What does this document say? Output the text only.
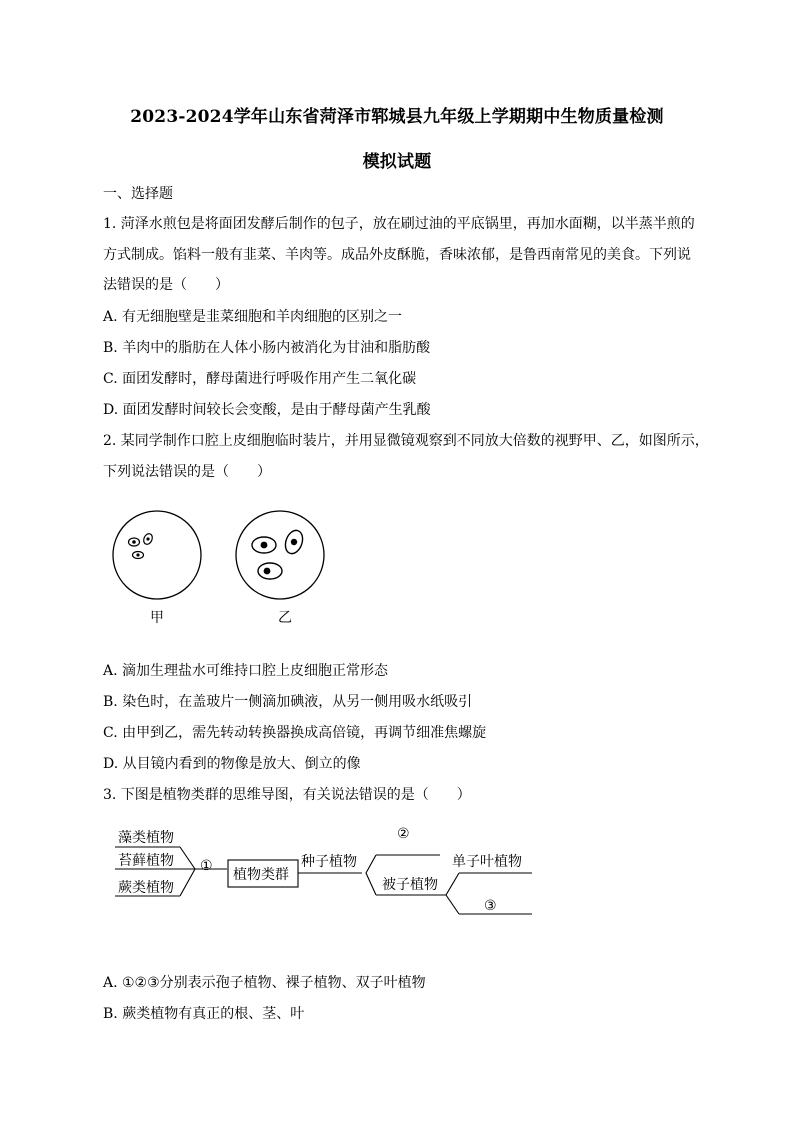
2023-2024学年山东省菏泽市郓城县九年级上学期期中生物质量检测
模拟试题
一、选择题
1. 菏泽水煎包是将面团发酵后制作的包子，放在刷过油的平底锅里，再加水面糊，以半蒸半煎的
方式制成。馅料一般有韭菜、羊肉等。成品外皮酥脆，香味浓郁，是鲁西南常见的美食。下列说
法错误的是（　　）
A. 有无细胞壁是韭菜细胞和羊肉细胞的区别之一
B. 羊肉中的脂肪在人体小肠内被消化为甘油和脂肪酸
C. 面团发酵时，酵母菌进行呼吸作用产生二氧化碳
D. 面团发酵时间较长会变酸，是由于酵母菌产生乳酸
2. 某同学制作口腔上皮细胞临时装片，并用显微镜观察到不同放大倍数的视野甲、乙，如图所示，
下列说法错误的是（　　）
甲	乙
A. 滴加生理盐水可维持口腔上皮细胞正常形态
B. 染色时，在盖玻片一侧滴加碘液，从另一侧用吸水纸吸引
C. 由甲到乙，需先转动转换器换成高倍镜，再调节细准焦螺旋
D. 从目镜内看到的物像是放大、倒立的像
3. 下图是植物类群的思维导图，有关说法错误的是（　　）
藻类植物
苔藓植物
蕨类植物
①
植物类群
种子植物
②
被子植物
单子叶植物
③
A. ①②③分别表示孢子植物、裸子植物、双子叶植物
B. 蕨类植物有真正的根、茎、叶
